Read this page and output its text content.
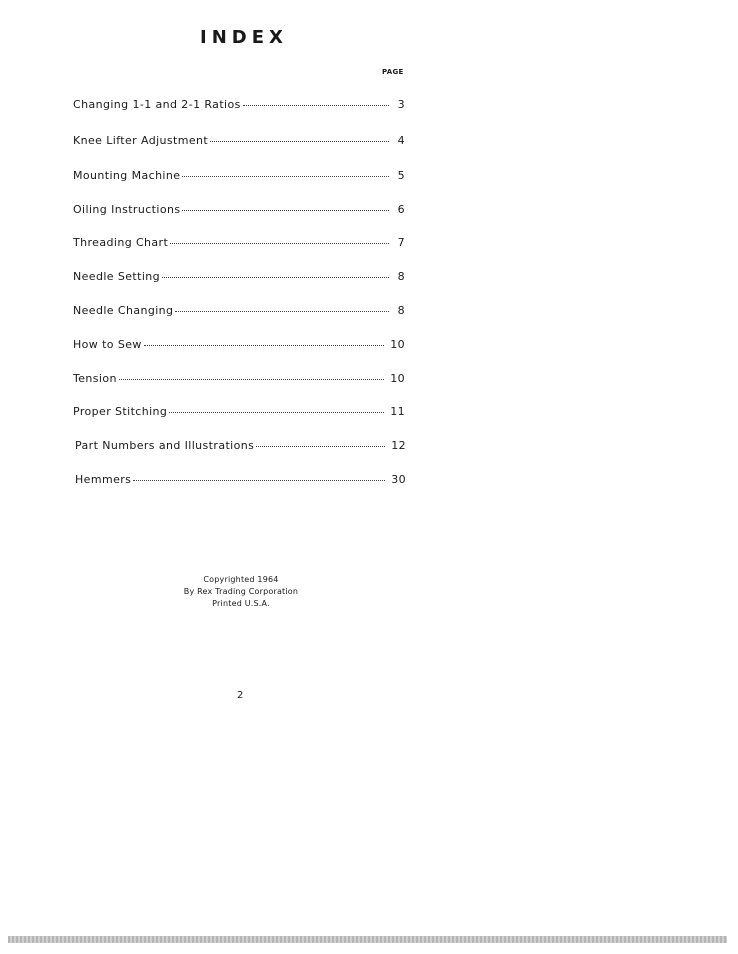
INDEX
PAGE
Changing 1-1 and 2-1 Ratios	3
Knee Lifter Adjustment	4
Mounting Machine	5
Oiling Instructions	6
Threading Chart	7
Needle Setting	8
Needle Changing	8
How to Sew	10
Tension	10
Proper Stitching	11
Part Numbers and Illustrations	12
Hemmers	30
Copyrighted 1964
By Rex Trading Corporation
Printed U.S.A.
2
